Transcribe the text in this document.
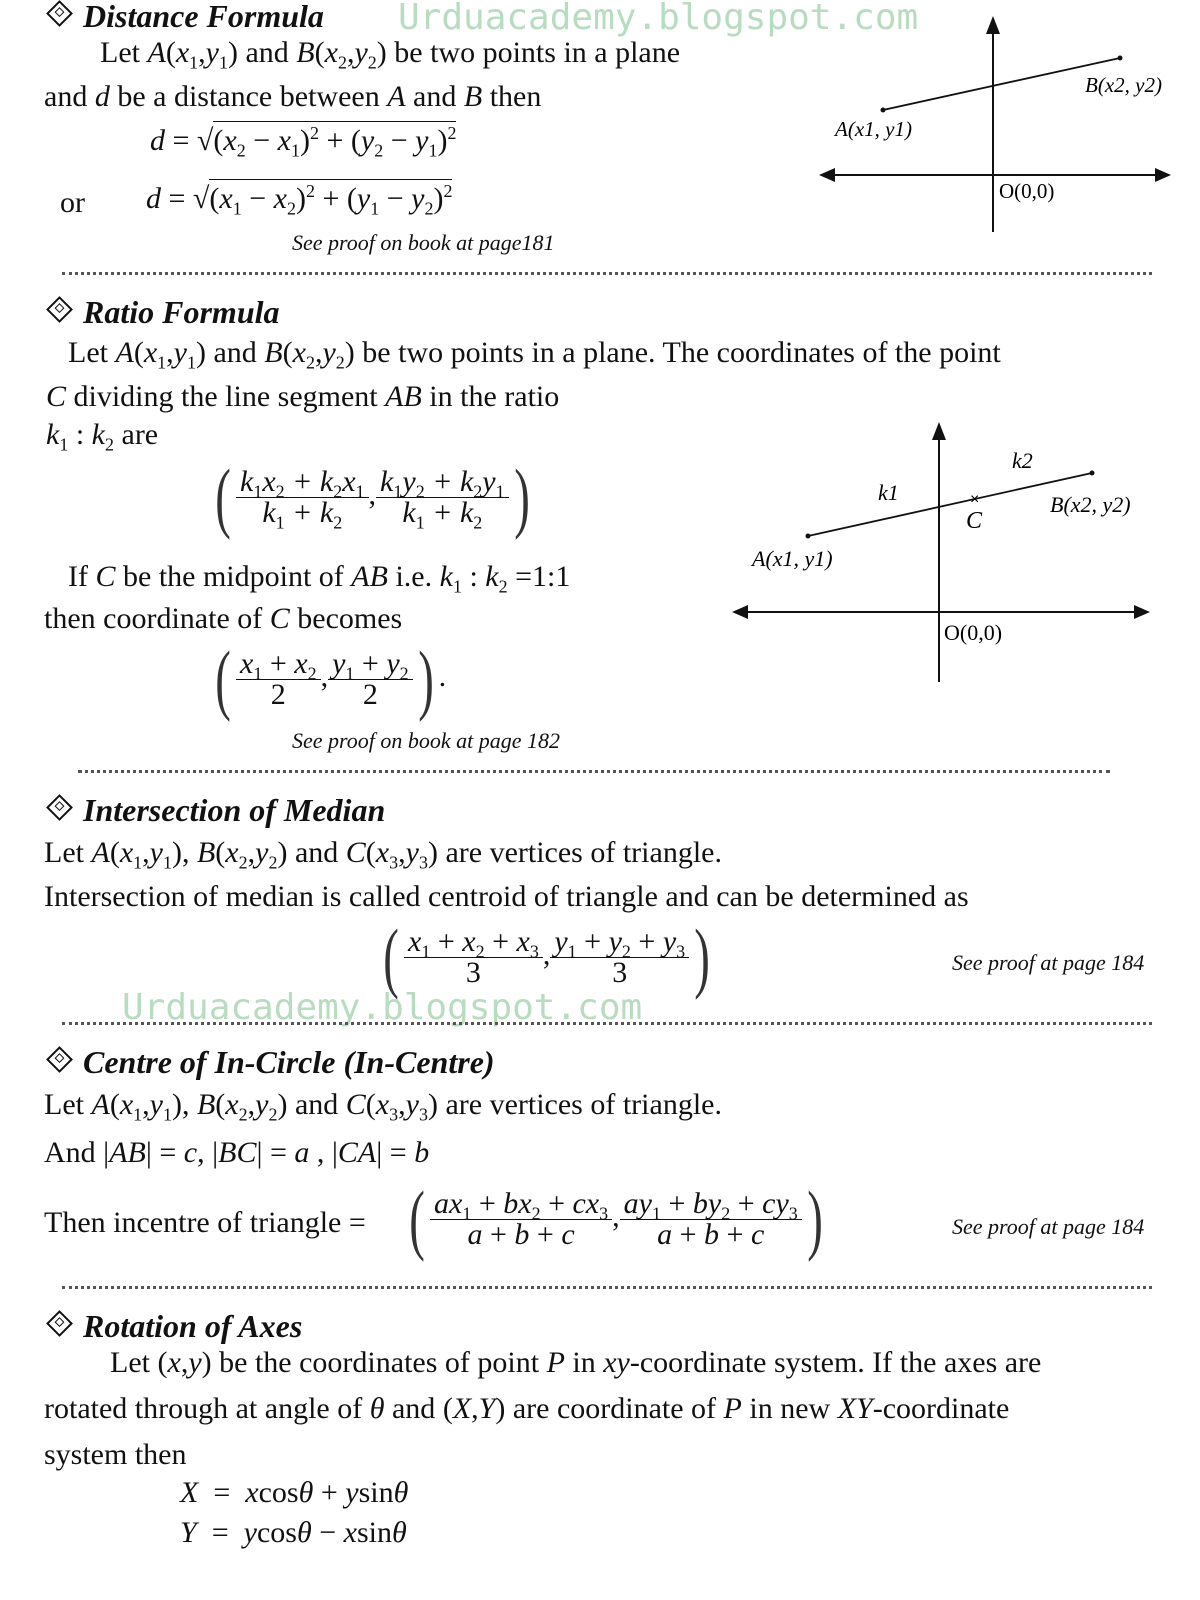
Urduacademy.blogspot.com
Urduacademy.blogspot.com
Distance Formula
Let $A(x_1,y_1)$ and $B(x_2,y_2)$ be two points in a plane
and d be a distance between A and B then
$d = √(x_2 - x_1)^2 + (y_2 - y_1)^2$
or $d = √(x_1 - x_2)^2 + (y_1 - y_2)^2$
See proof on book at page181
A(x1, y1)
B(x2, y2)
O(0,0)
Ratio Formula
Let $A(x_1,y_1)$ and $B(x_2,y_2)$ be two points in a plane. The coordinates of the point
C dividing the line segment AB in the ratio
$k_1$ : $k_2$ are
( $\frac{k_1x_2 + k_2x_1}{k_1 + k_2}$ , $\frac{k_1y_2 + k_2y_1}{k_1 + k_2}$ )
If C be the midpoint of AB i.e. $k_1$ : $k_2$ =1:1
then coordinate of C becomes
( $\frac{x_1 + x_2}{2}$ , $\frac{y_1 + y_2}{2}$ ) .
See proof on book at page 182
×
C
k1
k2
A(x1, y1)
B(x2, y2)
O(0,0)
Intersection of Median
Let $A(x_1,y_1)$, $B(x_2,y_2)$ and $C(x_3,y_3)$ are vertices of triangle.
Intersection of median is called centroid of triangle and can be determined as
( $\frac{x_1 + x_2 + x_3}{3}$ , $\frac{y_1 + y_2 + y_3}{3}$ )	See proof at page 184
Centre of In-Circle (In-Centre)
Let $A(x_1,y_1)$, $B(x_2,y_2)$ and $C(x_3,y_3)$ are vertices of triangle.
And |AB| = c, |BC| = a , |CA| = b
Then incentre of triangle = ( $\frac{ax_1 + bx_2 + cx_3}{a + b + c}$ , $\frac{ay_1 + by_2 + cy_3}{a + b + c}$ )	See proof at page 184
Rotation of Axes
Let (x,y) be the coordinates of point P in xy-coordinate system. If the axes are
rotated through at angle of θ and (X,Y) are coordinate of P in new XY-coordinate
system then
X  =  xcosθ + ysinθ
Y  =  ycosθ − xsinθ
